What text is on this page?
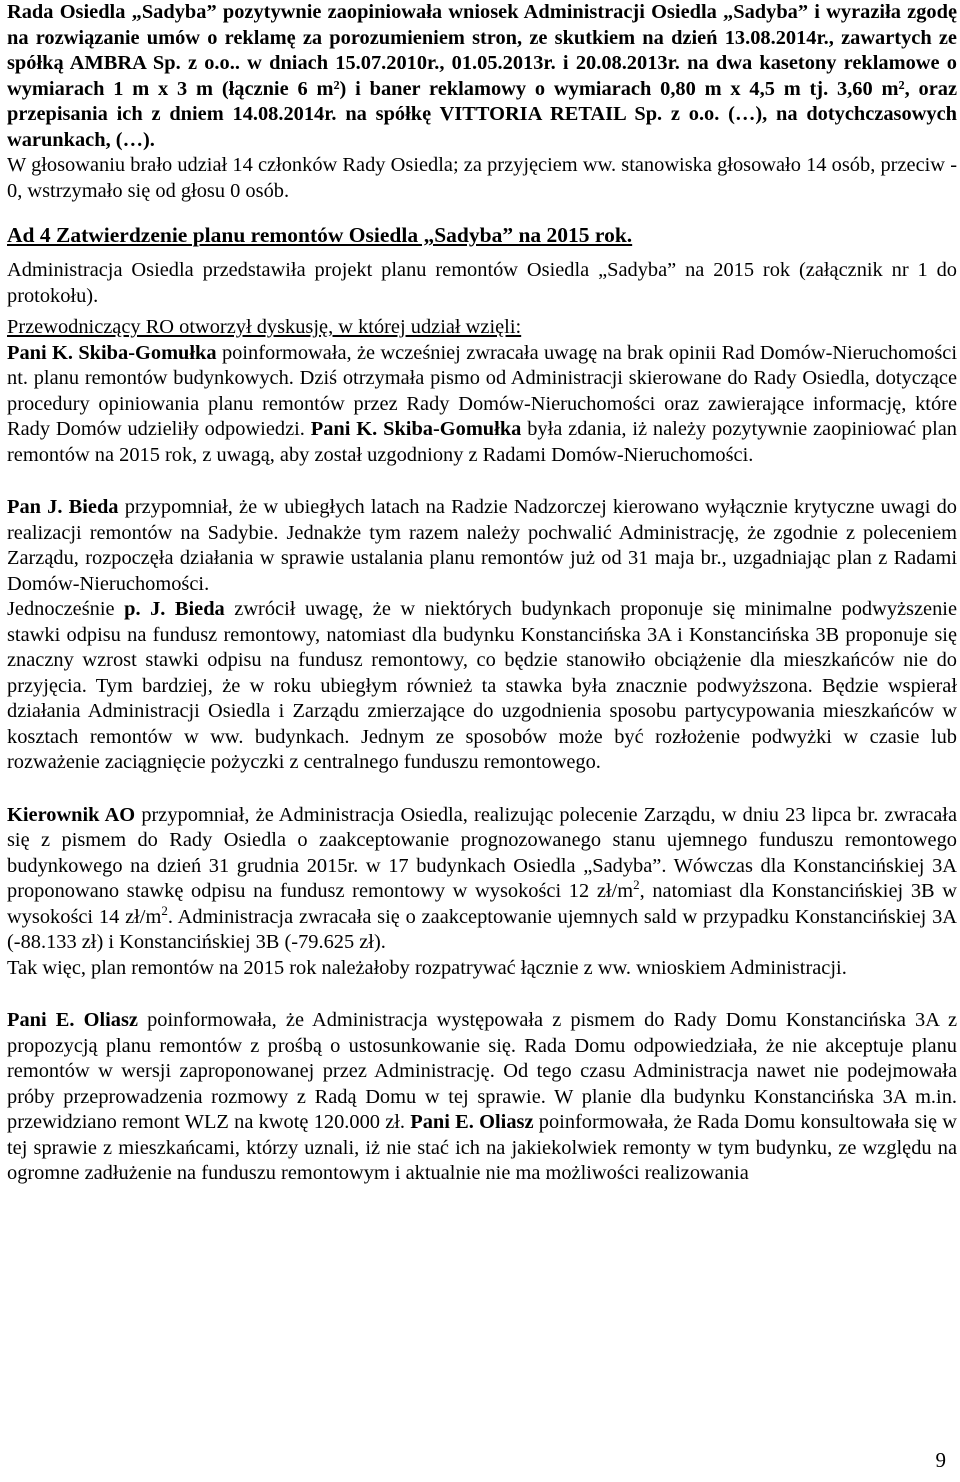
Rada Osiedla „Sadyba” pozytywnie zaopiniowała wniosek Administracji Osiedla „Sadyba” i wyraziła zgodę na rozwiązanie umów o reklamę za porozumieniem stron, ze skutkiem na dzień 13.08.2014r., zawartych ze spółką AMBRA Sp. z o.o.. w dniach 15.07.2010r., 01.05.2013r. i 20.08.2013r. na dwa kasetony reklamowe o wymiarach 1 m x 3 m (łącznie 6 m²) i baner reklamowy o wymiarach 0,80 m x 4,5 m tj. 3,60 m², oraz przepisania ich z dniem 14.08.2014r. na spółkę VITTORIA RETAIL Sp. z o.o. (…), na dotychczasowych warunkach, (…).

W głosowaniu brało udział 14 członków Rady Osiedla; za przyjęciem ww. stanowiska głosowało 14 osób, przeciw - 0, wstrzymało się od głosu 0 osób.

Ad 4 Zatwierdzenie planu remontów Osiedla „Sadyba” na 2015 rok.

Administracja Osiedla przedstawiła projekt planu remontów Osiedla „Sadyba” na 2015 rok (załącznik nr 1 do protokołu).

Przewodniczący RO otworzył dyskusję, w której udział wzięli:

Pani K. Skiba-Gomułka poinformowała, że wcześniej zwracała uwagę na brak opinii Rad Domów-Nieruchomości nt. planu remontów budynkowych. Dziś otrzymała pismo od Administracji skierowane do Rady Osiedla, dotyczące procedury opiniowania planu remontów przez Rady Domów-Nieruchomości oraz zawierające informację, które Rady Domów udzieliły odpowiedzi. Pani K. Skiba-Gomułka była zdania, iż należy pozytywnie zaopiniować plan remontów na 2015 rok, z uwagą, aby został uzgodniony z Radami Domów-Nieruchomości.

Pan J. Bieda przypomniał, że w ubiegłych latach na Radzie Nadzorczej kierowano wyłącznie krytyczne uwagi do realizacji remontów na Sadybie. Jednakże tym razem należy pochwalić Administrację, że zgodnie z poleceniem Zarządu, rozpoczęła działania w sprawie ustalania planu remontów już od 31 maja br., uzgadniając plan z Radami Domów-Nieruchomości.

Jednocześnie p. J. Bieda zwrócił uwagę, że w niektórych budynkach proponuje się minimalne podwyższenie stawki odpisu na fundusz remontowy, natomiast dla budynku Konstancińska 3A i Konstancińska 3B proponuje się znaczny wzrost stawki odpisu na fundusz remontowy, co będzie stanowiło obciążenie dla mieszkańców nie do przyjęcia. Tym bardziej, że w roku ubiegłym również ta stawka była znacznie podwyższona. Będzie wspierał działania Administracji Osiedla i Zarządu zmierzające do uzgodnienia sposobu partycypowania mieszkańców w kosztach remontów w ww. budynkach. Jednym ze sposobów może być rozłożenie podwyżki w czasie lub rozważenie zaciągnięcie pożyczki z centralnego funduszu remontowego.

Kierownik AO przypomniał, że Administracja Osiedla, realizując polecenie Zarządu, w dniu 23 lipca br. zwracała się z pismem do Rady Osiedla o zaakceptowanie prognozowanego stanu ujemnego funduszu remontowego budynkowego na dzień 31 grudnia 2015r. w 17 budynkach Osiedla „Sadyba”. Wówczas dla Konstancińskiej 3A proponowano stawkę odpisu na fundusz remontowy w wysokości 12 $zł/m^2$, natomiast dla Konstancińskiej 3B w wysokości 14 $zł/m^2$. Administracja zwracała się o zaakceptowanie ujemnych sald w przypadku Konstancińskiej 3A (-88.133 zł) i Konstancińskiej 3B (-79.625 zł).

Tak więc, plan remontów na 2015 rok należałoby rozpatrywać łącznie z ww. wnioskiem Administracji.

Pani E. Oliasz poinformowała, że Administracja występowała z pismem do Rady Domu Konstancińska 3A z propozycją planu remontów z prośbą o ustosunkowanie się. Rada Domu odpowiedziała, że nie akceptuje planu remontów w wersji zaproponowanej przez Administrację. Od tego czasu Administracja nawet nie podejmowała próby przeprowadzenia rozmowy z Radą Domu w tej sprawie. W planie dla budynku Konstancińska 3A m.in. przewidziano remont WLZ na kwotę 120.000 zł. Pani E. Oliasz poinformowała, że Rada Domu konsultowała się w tej sprawie z mieszkańcami, którzy uznali, iż nie stać ich na jakiekolwiek remonty w tym budynku, ze względu na ogromne zadłużenie na funduszu remontowym i aktualnie nie ma możliwości realizowania

9
